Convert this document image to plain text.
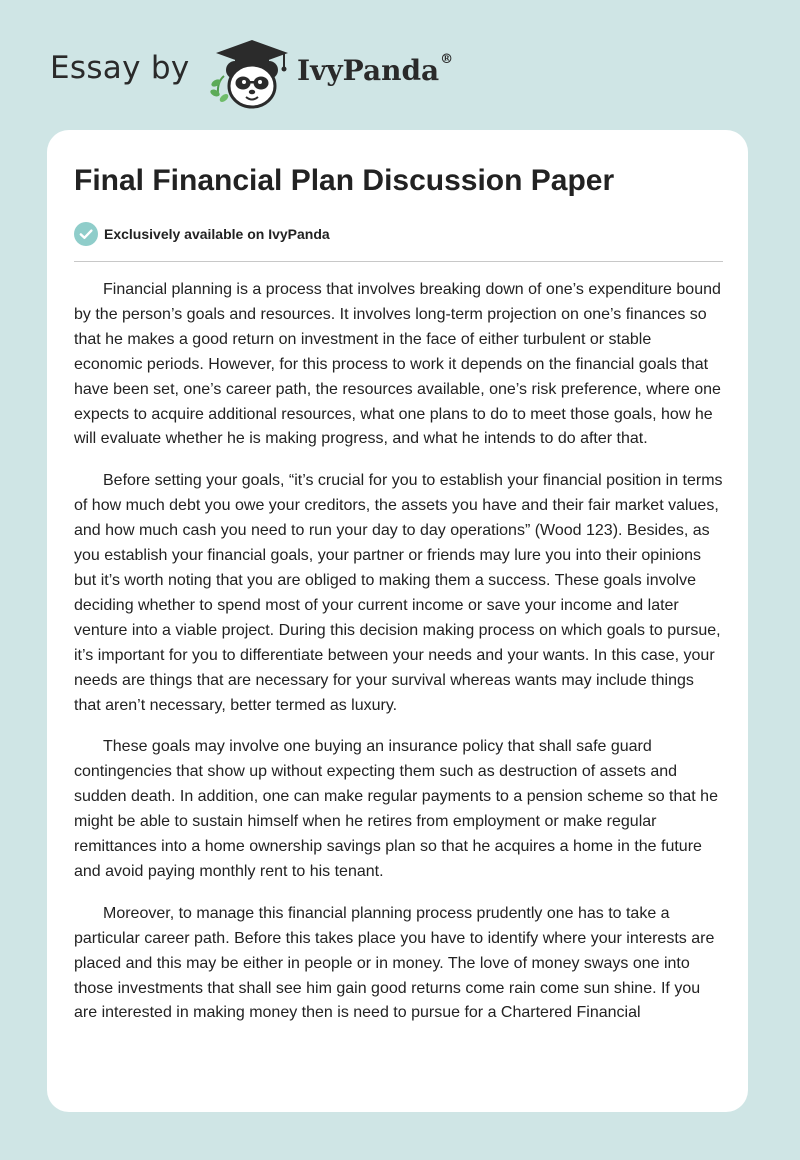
Essay by	IvyPanda®
Final Financial Plan Discussion Paper
Exclusively available on IvyPanda

Financial planning is a process that involves breaking down of one’s expenditure bound by the person’s goals and resources. It involves long-term projection on one’s finances so that he makes a good return on investment in the face of either turbulent or stable economic periods. However, for this process to work it depends on the financial goals that have been set, one’s career path, the resources available, one’s risk preference, where one expects to acquire additional resources, what one plans to do to meet those goals, how he will evaluate whether he is making progress, and what he intends to do after that.

Before setting your goals, “it’s crucial for you to establish your financial position in terms of how much debt you owe your creditors, the assets you have and their fair market values, and how much cash you need to run your day to day operations” (Wood 123). Besides, as you establish your financial goals, your partner or friends may lure you into their opinions but it’s worth noting that you are obliged to making them a success. These goals involve deciding whether to spend most of your current income or save your income and later venture into a viable project. During this decision making process on which goals to pursue, it’s important for you to differentiate between your needs and your wants. In this case, your needs are things that are necessary for your survival whereas wants may include things that aren’t necessary, better termed as luxury.

These goals may involve one buying an insurance policy that shall safe guard contingencies that show up without expecting them such as destruction of assets and sudden death. In addition, one can make regular payments to a pension scheme so that he might be able to sustain himself when he retires from employment or make regular remittances into a home ownership savings plan so that he acquires a home in the future and avoid paying monthly rent to his tenant.

Moreover, to manage this financial planning process prudently one has to take a particular career path. Before this takes place you have to identify where your interests are placed and this may be either in people or in money. The love of money sways one into those investments that shall see him gain good returns come rain come sun shine. If you are interested in making money then is need to pursue for a Chartered Financial
